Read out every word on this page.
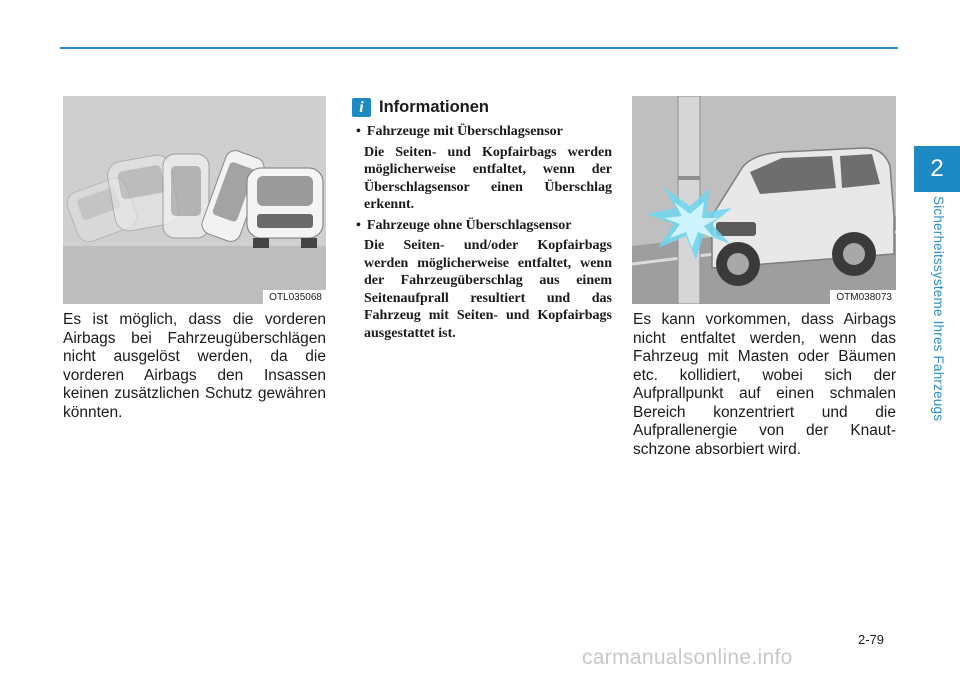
2
Sicherheitssysteme Ihres Fahrzeugs
OTL035068

Es ist möglich, dass die vorderen Airbags bei Fahrzeugüberschlägen nicht ausgelöst werden, da die vorderen Airbags den Insassen keinen zusätzlichen Schutz gewähren könnten.

i Informationen
• Fahrzeuge mit Überschlagsensor
Die Seiten- und Kopfairbags werden möglicherweise entfaltet, wenn der Überschlagsensor einen Überschlag erkennt.
• Fahrzeuge ohne Überschlagsensor
Die Seiten- und/oder Kopfairbags werden möglicherweise entfaltet, wenn der Fahrzeugüberschlag aus einem Seitenaufprall resultiert und das Fahrzeug mit Seiten- und Kopfairbags ausgestattet ist.
OTM038073

Es kann vorkommen, dass Airbags nicht entfaltet werden, wenn das Fahrzeug mit Masten oder Bäumen etc. kollidiert, wobei sich der Aufprallpunkt auf einen schmalen Bereich konzentriert und die Aufprallenergie von der Knaut-schzone absorbiert wird.

2-79
carmanualsonline.info
